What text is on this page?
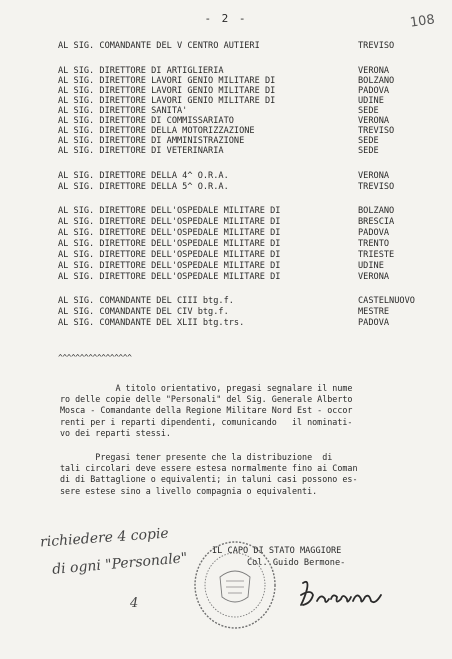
- 2 -	108
AL SIG. COMANDANTE DEL V CENTRO AUTIERI	TREVISO
AL SIG. DIRETTORE DI ARTIGLIERIA	VERONA
AL SIG. DIRETTORE LAVORI GENIO MILITARE DI	BOLZANO
AL SIG. DIRETTORE LAVORI GENIO MILITARE DI	PADOVA
AL SIG. DIRETTORE LAVORI GENIO MILITARE DI	UDINE
AL SIG. DIRETTORE SANITA'	SEDE
AL SIG. DIRETTORE DI COMMISSARIATO	VERONA
AL SIG. DIRETTORE DELLA MOTORIZZAZIONE	TREVISO
AL SIG. DIRETTORE DI AMMINISTRAZIONE	SEDE
AL SIG. DIRETTORE DI VETERINARIA	SEDE
AL SIG. DIRETTORE DELLA 4^ O.R.A.	VERONA
AL SIG. DIRETTORE DELLA 5^ O.R.A.	TREVISO
AL SIG. DIRETTORE DELL'OSPEDALE MILITARE DI	BOLZANO
AL SIG. DIRETTORE DELL'OSPEDALE MILITARE DI	BRESCIA
AL SIG. DIRETTORE DELL'OSPEDALE MILITARE DI	PADOVA
AL SIG. DIRETTORE DELL'OSPEDALE MILITARE DI	TRENTO
AL SIG. DIRETTORE DELL'OSPEDALE MILITARE DI	TRIESTE
AL SIG. DIRETTORE DELL'OSPEDALE MILITARE DI	UDINE
AL SIG. DIRETTORE DELL'OSPEDALE MILITARE DI	VERONA
AL SIG. COMANDANTE DEL CIII btg.f.	CASTELNUOVO
AL SIG. COMANDANTE DEL CIV btg.f.	MESTRE
AL SIG. COMANDANTE DEL XLII btg.trs.	PADOVA
^^^^^^^^^^^^^^^^^
A titolo orientativo, pregasi segnalare il nume
ro delle copie delle "Personali" del Sig. Generale Alberto
Mosca - Comandante della Regione Militare Nord Est - occor
renti per i reparti dipendenti, comunicando   il nominati-
vo dei reparti stessi.
Pregasi tener presente che la distribuzione  di
tali circolari deve essere estesa normalmente fino ai Coman
di di Battaglione o equivalenti; in taluni casi possono es-
sere estese sino a livello compagnia o equivalenti.
richiedere 4 copie
di ogni "Personale"
4
IL CAPO DI STATO MAGGIORE
Col. Guido Bermone-
